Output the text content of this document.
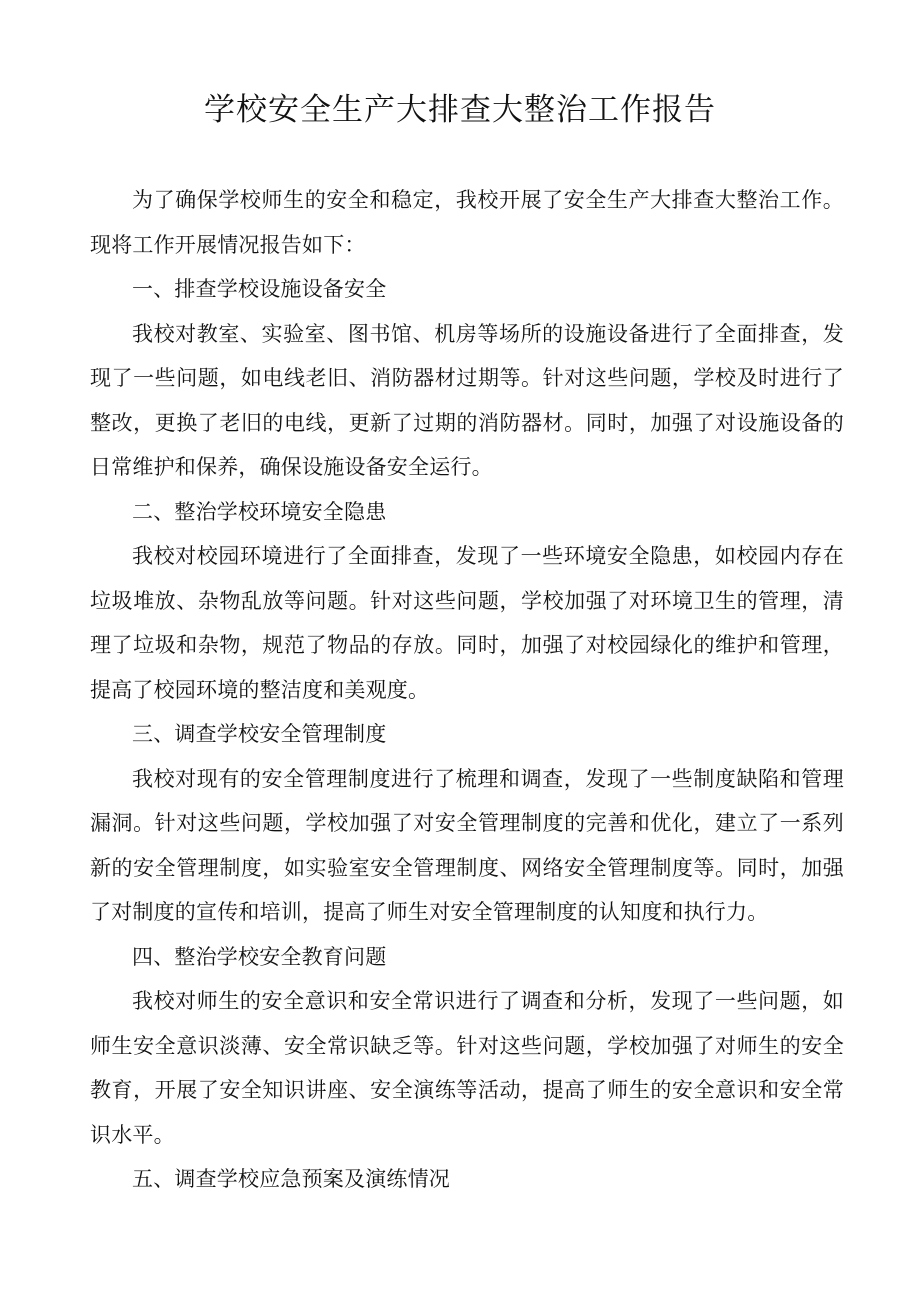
学校安全生产大排查大整治工作报告

为了确保学校师生的安全和稳定，我校开展了安全生产大排查大整治工作。现将工作开展情况报告如下：

一、排查学校设施设备安全

我校对教室、实验室、图书馆、机房等场所的设施设备进行了全面排查，发现了一些问题，如电线老旧、消防器材过期等。针对这些问题，学校及时进行了整改，更换了老旧的电线，更新了过期的消防器材。同时，加强了对设施设备的日常维护和保养，确保设施设备安全运行。

二、整治学校环境安全隐患

我校对校园环境进行了全面排查，发现了一些环境安全隐患，如校园内存在垃圾堆放、杂物乱放等问题。针对这些问题，学校加强了对环境卫生的管理，清理了垃圾和杂物，规范了物品的存放。同时，加强了对校园绿化的维护和管理，提高了校园环境的整洁度和美观度。

三、调查学校安全管理制度

我校对现有的安全管理制度进行了梳理和调查，发现了一些制度缺陷和管理漏洞。针对这些问题，学校加强了对安全管理制度的完善和优化，建立了一系列新的安全管理制度，如实验室安全管理制度、网络安全管理制度等。同时，加强了对制度的宣传和培训，提高了师生对安全管理制度的认知度和执行力。

四、整治学校安全教育问题

我校对师生的安全意识和安全常识进行了调查和分析，发现了一些问题，如师生安全意识淡薄、安全常识缺乏等。针对这些问题，学校加强了对师生的安全教育，开展了安全知识讲座、安全演练等活动，提高了师生的安全意识和安全常识水平。

五、调查学校应急预案及演练情况
